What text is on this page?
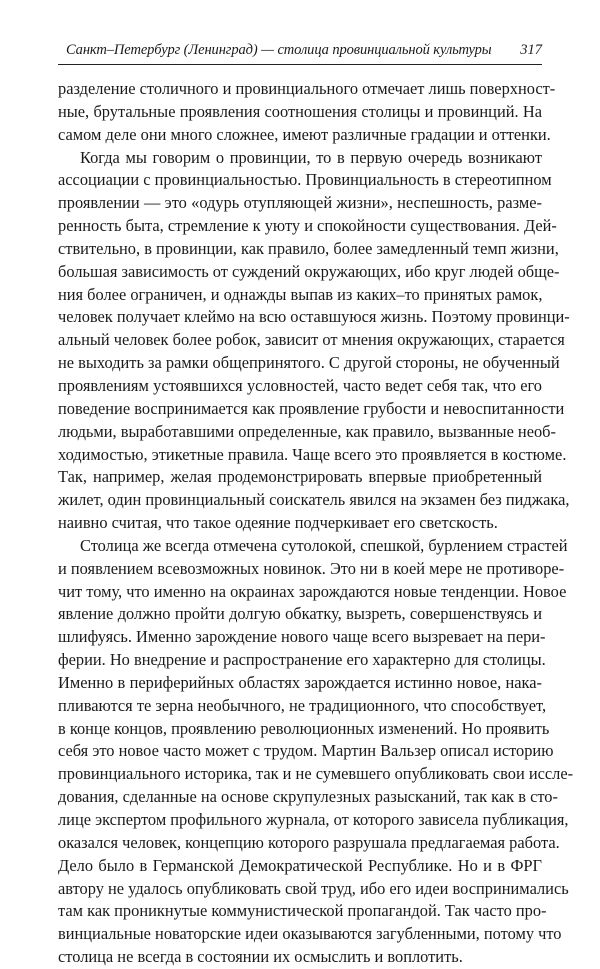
Санкт–Петербург (Ленинград) — столица провинциальной культуры 317
разделение столичного и провинциального отмечает лишь поверхност-
ные, брутальные проявления соотношения столицы и провинций. На
самом деле они много сложнее, имеют различные градации и оттенки.
Когда мы говорим о провинции, то в первую очередь возникают
ассоциации с провинциальностью. Провинциальность в стереотипном
проявлении — это «одурь отупляющей жизни», неспешность, разме-
ренность быта, стремление к уюту и спокойности существования. Дей-
ствительно, в провинции, как правило, более замедленный темп жизни,
большая зависимость от суждений окружающих, ибо круг людей обще-
ния более ограничен, и однажды выпав из каких–то принятых рамок,
человек получает клеймо на всю оставшуюся жизнь. Поэтому провинци-
альный человек более робок, зависит от мнения окружающих, старается
не выходить за рамки общепринятого. С другой стороны, не обученный
проявлениям устоявшихся условностей, часто ведет себя так, что его
поведение воспринимается как проявление грубости и невоспитанности
людьми, выработавшими определенные, как правило, вызванные необ-
ходимостью, этикетные правила. Чаще всего это проявляется в костюме.
Так, например, желая продемонстрировать впервые приобретенный
жилет, один провинциальный соискатель явился на экзамен без пиджака,
наивно считая, что такое одеяние подчеркивает его светскость.
Столица же всегда отмечена сутолокой, спешкой, бурлением страстей
и появлением всевозможных новинок. Это ни в коей мере не противоре-
чит тому, что именно на окраинах зарождаются новые тенденции. Новое
явление должно пройти долгую обкатку, вызреть, совершенствуясь и
шлифуясь. Именно зарождение нового чаще всего вызревает на пери-
ферии. Но внедрение и распространение его характерно для столицы.
Именно в периферийных областях зарождается истинно новое, нака-
пливаются те зерна необычного, не традиционного, что способствует,
в конце концов, проявлению революционных изменений. Но проявить
себя это новое часто может с трудом. Мартин Вальзер описал историю
провинциального историка, так и не сумевшего опубликовать свои иссле-
дования, сделанные на основе скрупулезных разысканий, так как в сто-
лице экспертом профильного журнала, от которого зависела публикация,
оказался человек, концепцию которого разрушала предлагаемая работа.
Дело было в Германской Демократической Республике. Но и в ФРГ
автору не удалось опубликовать свой труд, ибо его идеи воспринимались
там как проникнутые коммунистической пропагандой. Так часто про-
винциальные новаторские идеи оказываются загубленными, потому что
столица не всегда в состоянии их осмыслить и воплотить.
